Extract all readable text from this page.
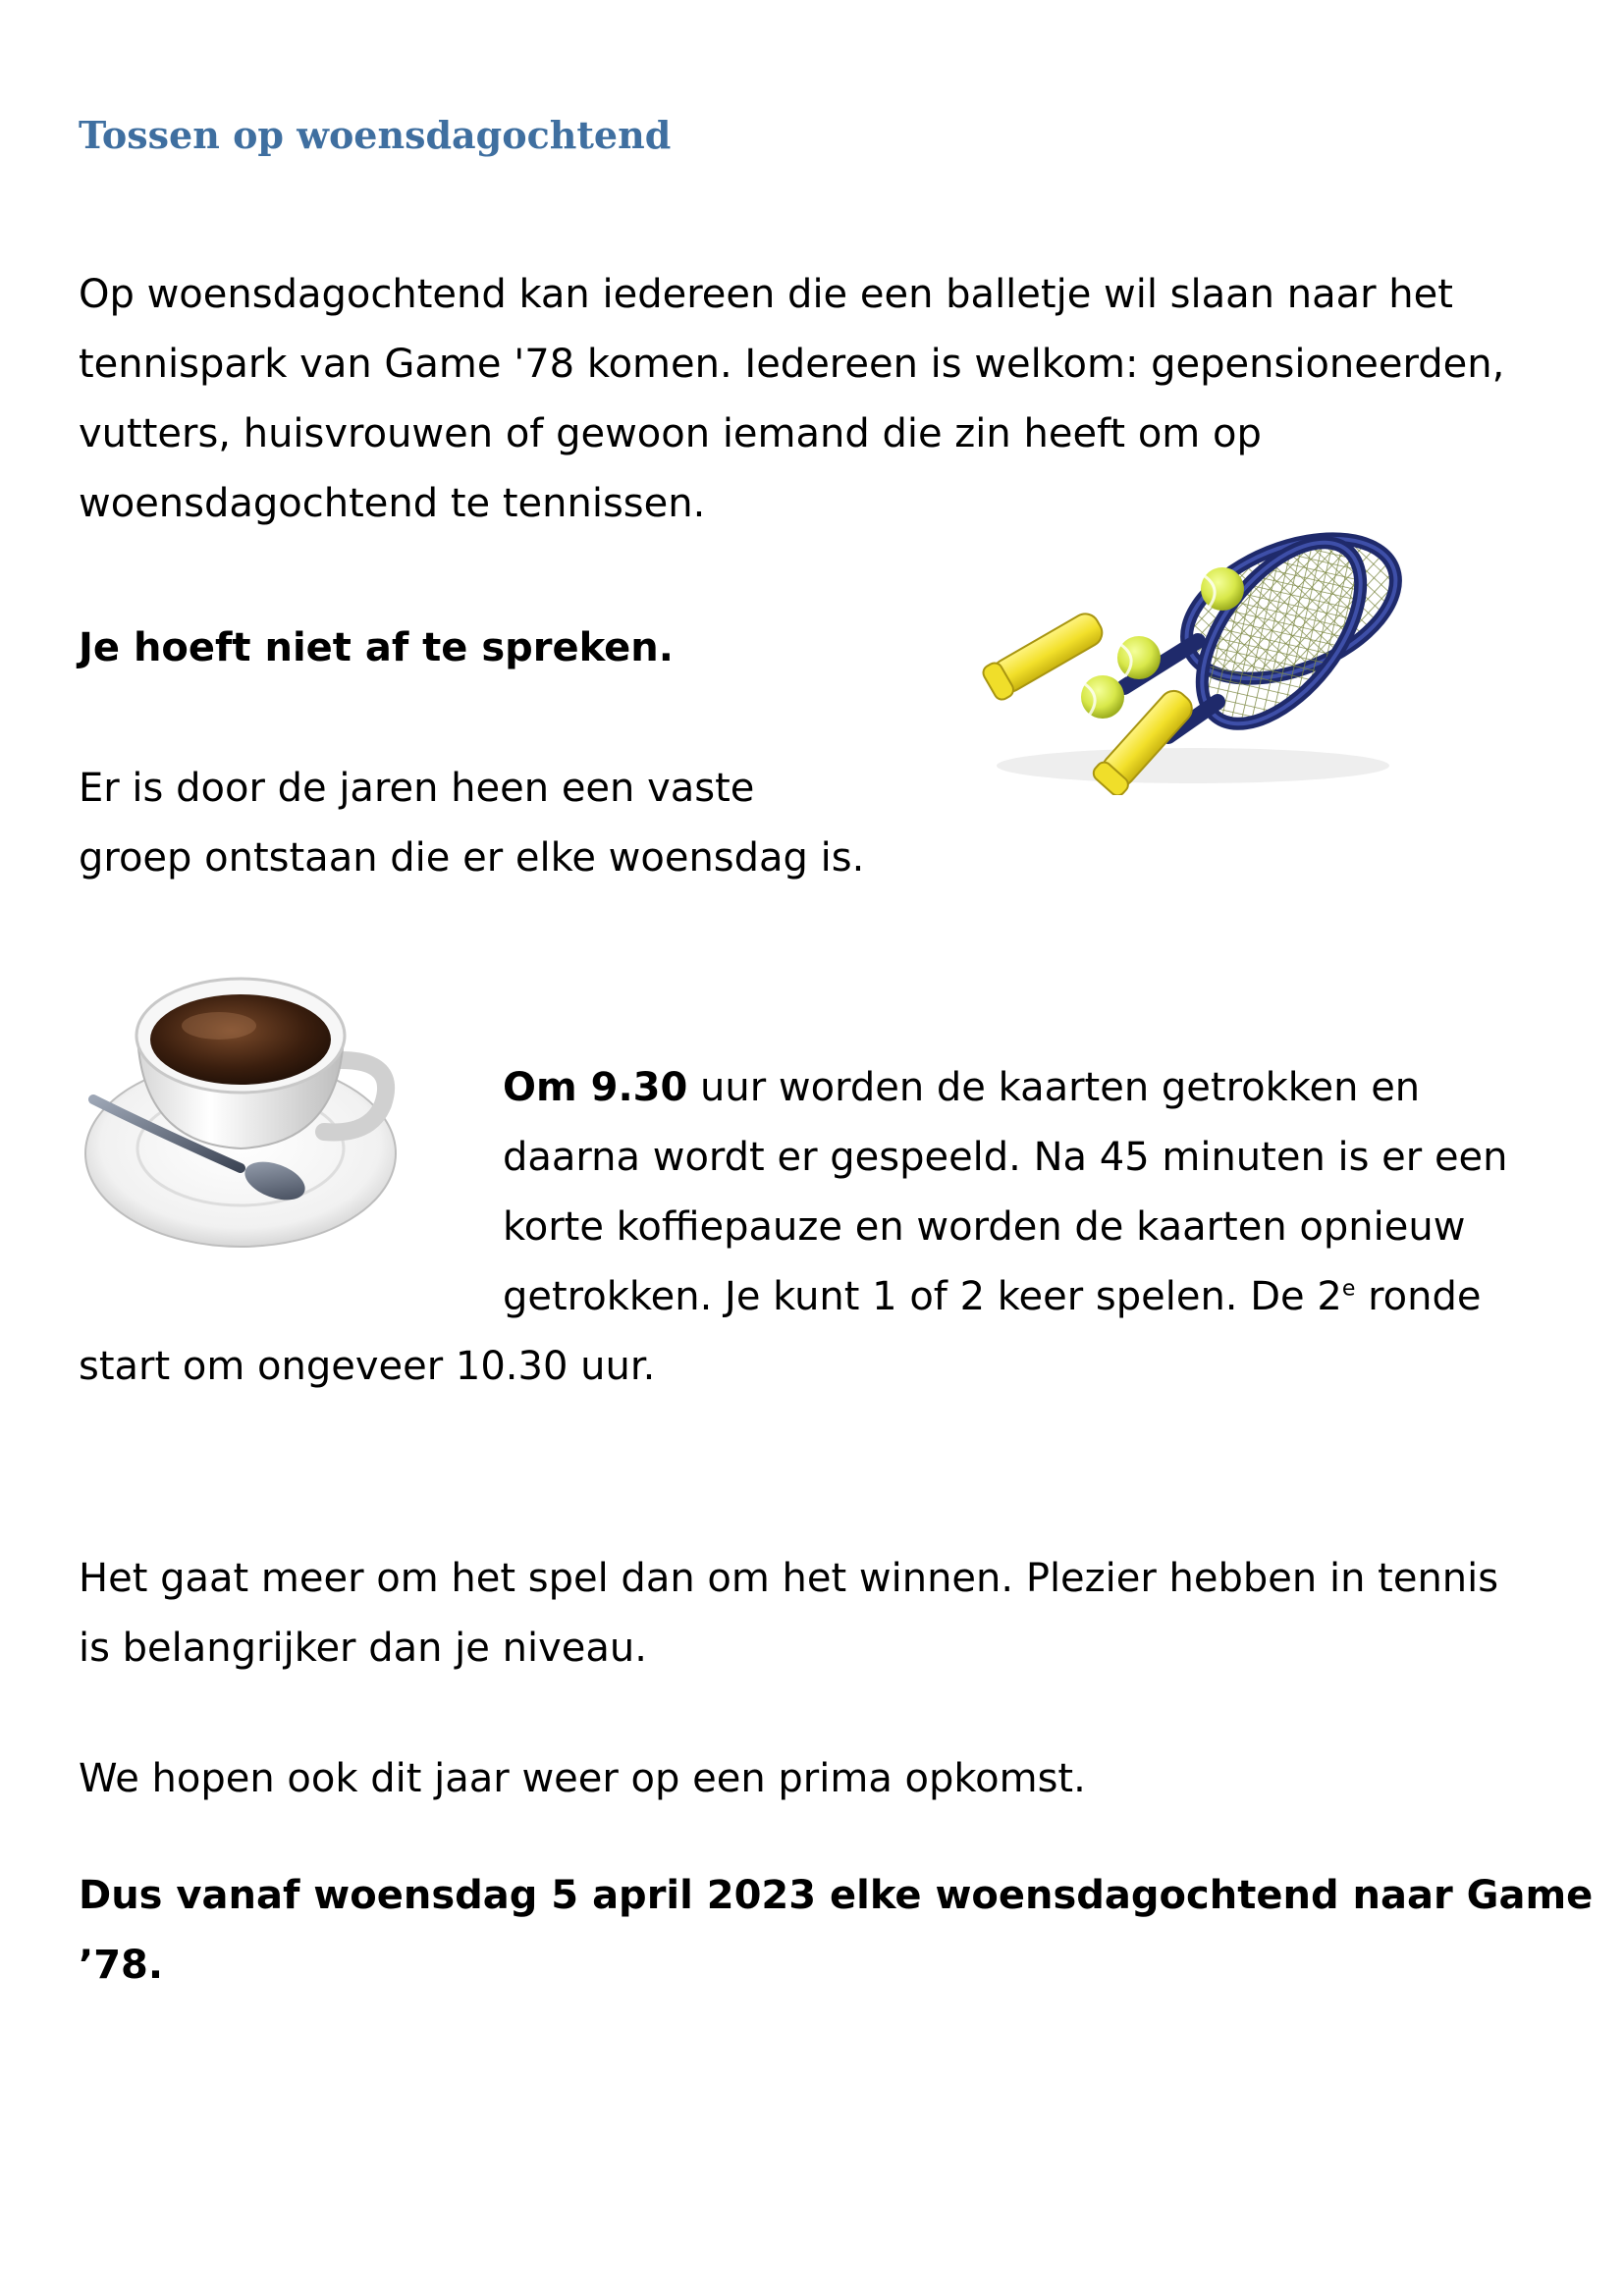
Tossen op woensdagochtend

Op woensdagochtend kan iedereen die een balletje wil slaan naar het
tennispark van Game '78 komen. Iedereen is welkom: gepensioneerden,
vutters, huisvrouwen of gewoon iemand die zin heeft om op
woensdagochtend te tennissen.

Je hoeft niet af te spreken.

Er is door de jaren heen een vaste
groep ontstaan die er elke woensdag is.

Om 9.30 uur worden de kaarten getrokken en
daarna wordt er gespeeld. Na 45 minuten is er een
korte koffiepauze en worden de kaarten opnieuw
getrokken. Je kunt 1 of 2 keer spelen. De 2e ronde

start om ongeveer 10.30 uur.

Het gaat meer om het spel dan om het winnen. Plezier hebben in tennis
is belangrijker dan je niveau.

We hopen ook dit jaar weer op een prima opkomst.

Dus vanaf woensdag 5 april 2023 elke woensdagochtend naar Game
’78.
